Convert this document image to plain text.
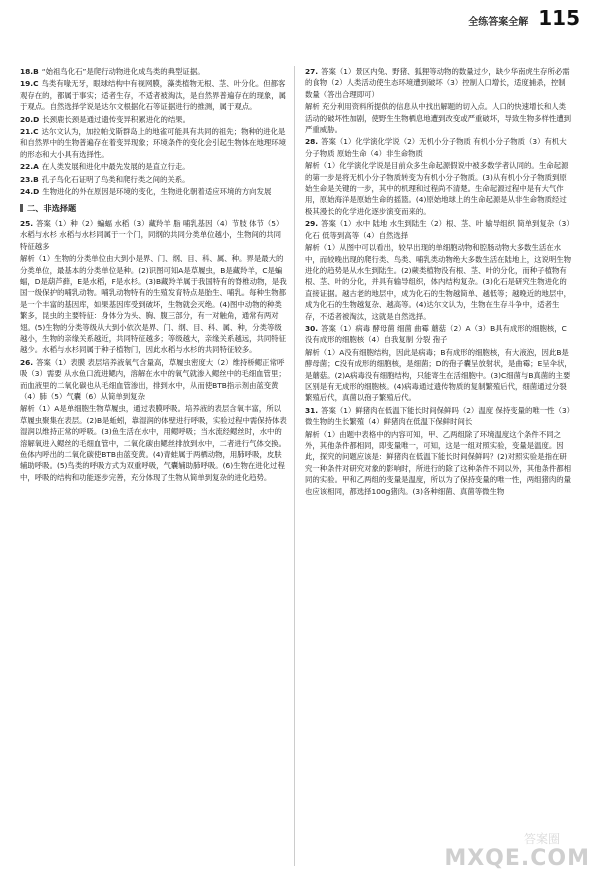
全练答案全解 115
18.B “始祖鸟化石”是爬行动物进化成鸟类的典型证据。
19.C 鸟类有喙无牙，眼球结构中有视网膜，藻类植物无根、茎、叶分化。但都客观存在的，都属于事实；适者生存，不适者被淘汰，是自然界普遍存在的现象，属于观点。自然选择学说是达尔文根据化石等证据进行的推测，属于观点。
20.D 长颈鹿长颈是通过遗传变异积累进化的结果。
21.C 达尔文认为，加拉帕戈斯群岛上的地雀可能具有共同的祖先；物种的进化是和自然界中的生物普遍存在着变异现象；环境条件的变化会引起生物体在地理环境的形态和大小具有选择性。
22.A 在人类发展和进化中最先发展的是直立行走。
23.B 孔子鸟化石证明了鸟类和爬行类之间的关系。
24.D 生物进化的外在原因是环境的变化，生物进化朝着适应环境的方向发展
二、非选择题
25. 答案（1）种（2）蝙蝠 水稻（3）藏羚羊 脂 哺乳基因（4）节肢 体节（5）水稻与水杉 水稻与水杉同属于一个门，同纲的共同分类单位越小，生物间的共同特征越多
解析（1）生物的分类单位由大到小是界、门、纲、目、科、属、种。界是最大的分类单位，最基本的分类单位是种。(2)识图可知A是草履虫，B是藏羚羊，C是蝙蝠，D是葫芦藓，E是水稻，F是水杉。(3)B藏羚羊属于我国特有的脊椎动物，是我国一级保护的哺乳动物。哺乳动物特有的生殖发育特点是胎生、哺乳。每种生物都是一个丰富的基因库，如果基因库受到破坏，生物就会灭绝。(4)图中动物的种类繁多，昆虫的主要特征：身体分为头、胸、腹三部分，有一对触角，通常有两对翅。(5)生物的分类等级从大到小依次是界、门、纲、目、科、属、种，分类等级越小，生物的亲缘关系越近，共同特征越多；等级越大，亲缘关系越远，共同特征越少。水稻与水杉同属于种子植物门，因此水稻与水杉的共同特征较多。
26. 答案（1）表膜 表层培养液氧气含量高，草履虫密度大（2）维持桥鳃正常呼吸（3）需要 从水鱼口流进鳃内，溶解在水中的氧气就渗入鳃丝中的毛细血管里；而血液里的二氧化碳也从毛细血管渗出，排到水中，从而使BTB指示剂由蓝变黄（4）肺（5）气囊（6）从简单到复杂
解析（1）A是单细胞生物草履虫，通过表膜呼吸。培养液的表层含氧丰富，所以草履虫聚集在表层。(2)B是蚯蚓，靠湿润的体壁进行呼吸，实验过程中需保持体表湿润以维持正常的呼吸。(3)鱼生活在水中，用鳃呼吸；当水流经鳃丝时，水中的溶解氧进入鳃丝的毛细血管中，二氧化碳由鳃丝排放到水中，二者进行气体交换。鱼体内呼出的二氧化碳使BTB由蓝变黄。(4)青蛙属于两栖动物，用肺呼吸，皮肤辅助呼吸。(5)鸟类的呼吸方式为双重呼吸，气囊辅助肺呼吸。(6)生物在进化过程中，呼吸的结构和功能逐步完善，充分体现了生物从简单到复杂的进化趋势。
27. 答案（1）景区内兔、野猪、狐狸等动物的数量过少，缺少华南虎生存所必需的食物（2）人类活动使生态环境遭到破坏（3）控制人口增长，适度捕杀，控制数量（答出合理即可）
解析 充分利用资料所提供的信息从中找出解题的切入点。人口的快速增长和人类活动的破坏性加剧，使野生生物栖息地遭到改变或严重破坏，导致生物多样性遭到严重威胁。
28. 答案（1）化学演化学说（2）无机小分子物质 有机小分子物质（3）有机大分子物质 原始生命（4）非生命物质
解析（1）化学演化学说是目前众多生命起源假说中被多数学者认同的。生命起源的第一步是将无机小分子物质转变为有机小分子物质。(3)从有机小分子物质到原始生命是关键的一步，其中的机理和过程尚不清楚。生命起源过程中是有大气作用，原始海洋是原始生命的摇篮。(4)原始地球上的生命起源是从非生命物质经过极其漫长的化学进化逐步演变而来的。
29. 答案（1）水中 陆地 水生到陆生（2）根、茎、叶 输导组织 简单到复杂（3）化石 低等到高等（4）自然选择
解析（1）从图中可以看出，较早出现的单细胞动物和腔肠动物大多数生活在水中，而较晚出现的爬行类、鸟类、哺乳类动物绝大多数生活在陆地上，这说明生物进化的趋势是从水生到陆生。(2)蕨类植物没有根、茎、叶的分化，而种子植物有根、茎、叶的分化，并具有输导组织，体内结构复杂。(3)化石是研究生物进化的直接证据。越古老的地层中，成为化石的生物越简单、越低等；越晚近的地层中，成为化石的生物越复杂、越高等。(4)达尔文认为，生物在生存斗争中，适者生存，不适者被淘汰，这就是自然选择。
30. 答案（1）病毒 酵母菌 细菌 曲霉 蘑菇（2）A（3）B具有成形的细胞核，C没有成形的细胞核（4）自我复制 分裂 孢子
解析（1）A没有细胞结构，因此是病毒；B有成形的细胞核，有大液泡，因此B是酵母菌；C没有成形的细胞核，是细菌；D的孢子囊呈放射状，是曲霉；E呈伞状，是蘑菇。(2)A病毒没有细胞结构，只能寄生在活细胞中。(3)C细菌与B真菌的主要区别是有无成形的细胞核。(4)病毒通过遗传物质的复制繁殖后代，细菌通过分裂繁殖后代，真菌以孢子繁殖后代。
31. 答案（1）鲜猪肉在低温下能长时间保鲜吗（2）温度 保持变量的唯一性（3）微生物的生长繁殖（4）鲜猪肉在低温下保鲜时间长
解析（1）由题中表格中的内容可知，甲、乙两组除了环境温度这个条件不同之外，其他条件都相同，即变量唯一，可知，这是一组对照实验，变量是温度。因此，探究的问题应该是：鲜猪肉在低温下能长时间保鲜吗？(2)对照实验是指在研究一种条件对研究对象的影响时，所进行的除了这种条件不同以外，其他条件都相同的实验。甲和乙两组的变量是温度，所以为了保持变量的唯一性，两组猪肉的量也应该相同，都选择100g猪肉。(3)各种细菌、真菌等微生物
答案圈
MXQE.COM
